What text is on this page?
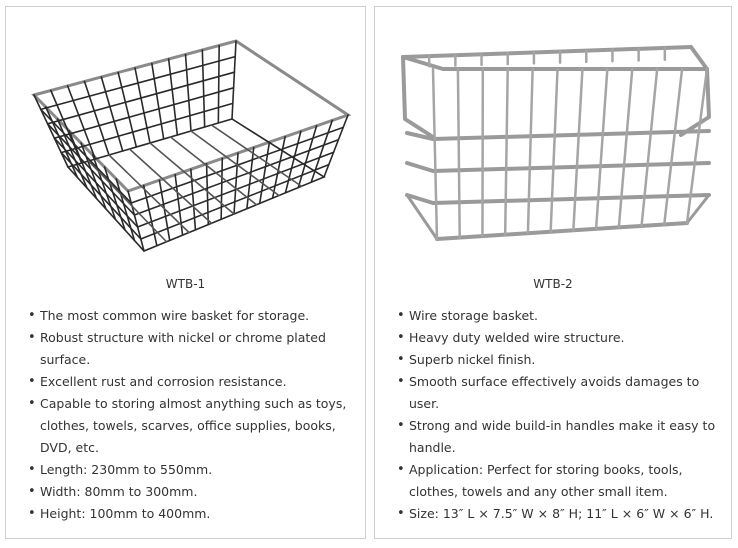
WTB-1
• The most common wire basket for storage.
• Robust structure with nickel or chrome plated surface.
• Excellent rust and corrosion resistance.
• Capable to storing almost anything such as toys, clothes, towels, scarves, office supplies, books, DVD, etc.
• Length: 230mm to 550mm.
• Width: 80mm to 300mm.
• Height: 100mm to 400mm.
WTB-2
• Wire storage basket.
• Heavy duty welded wire structure.
• Superb nickel finish.
• Smooth surface effectively avoids damages to user.
• Strong and wide build-in handles make it easy to handle.
• Application: Perfect for storing books, tools, clothes, towels and any other small item.
• Size: 13″ L × 7.5″ W × 8″ H; 11″ L × 6″ W × 6″ H.
